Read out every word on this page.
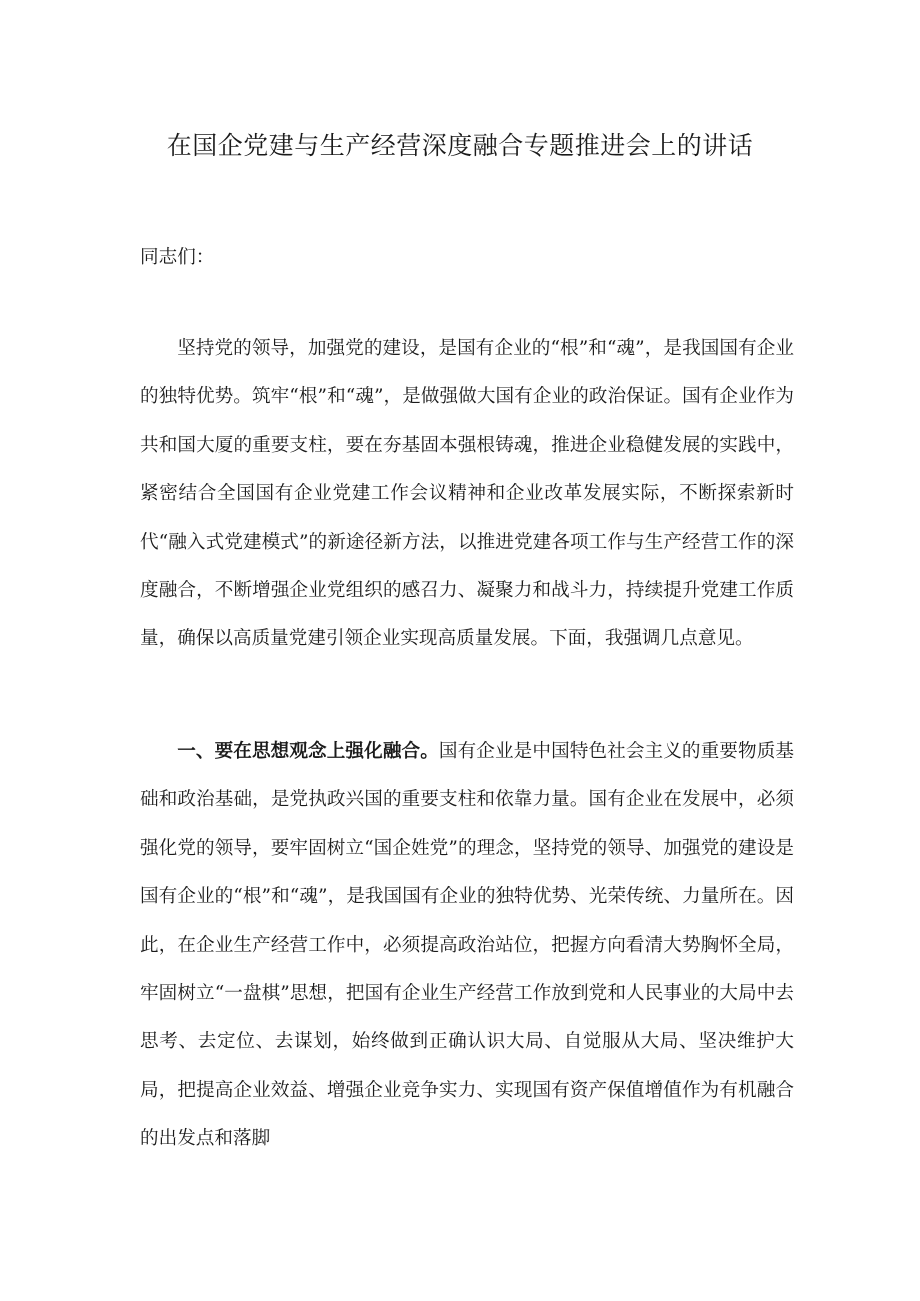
在国企党建与生产经营深度融合专题推进会上的讲话

同志们：

坚持党的领导，加强党的建设，是国有企业的“根”和“魂”，是我国国有企业的独特优势。筑牢“根”和“魂”，是做强做大国有企业的政治保证。国有企业作为共和国大厦的重要支柱，要在夯基固本强根铸魂，推进企业稳健发展的实践中，紧密结合全国国有企业党建工作会议精神和企业改革发展实际，不断探索新时代“融入式党建模式”的新途径新方法，以推进党建各项工作与生产经营工作的深度融合，不断增强企业党组织的感召力、凝聚力和战斗力，持续提升党建工作质量，确保以高质量党建引领企业实现高质量发展。下面，我强调几点意见。

一、要在思想观念上强化融合。国有企业是中国特色社会主义的重要物质基础和政治基础，是党执政兴国的重要支柱和依靠力量。国有企业在发展中，必须强化党的领导，要牢固树立“国企姓党”的理念，坚持党的领导、加强党的建设是国有企业的“根”和“魂”，是我国国有企业的独特优势、光荣传统、力量所在。因此，在企业生产经营工作中，必须提高政治站位，把握方向看清大势胸怀全局，牢固树立“一盘棋”思想，把国有企业生产经营工作放到党和人民事业的大局中去思考、去定位、去谋划，始终做到正确认识大局、自觉服从大局、坚决维护大局，把提高企业效益、增强企业竞争实力、实现国有资产保值增值作为有机融合的出发点和落脚
